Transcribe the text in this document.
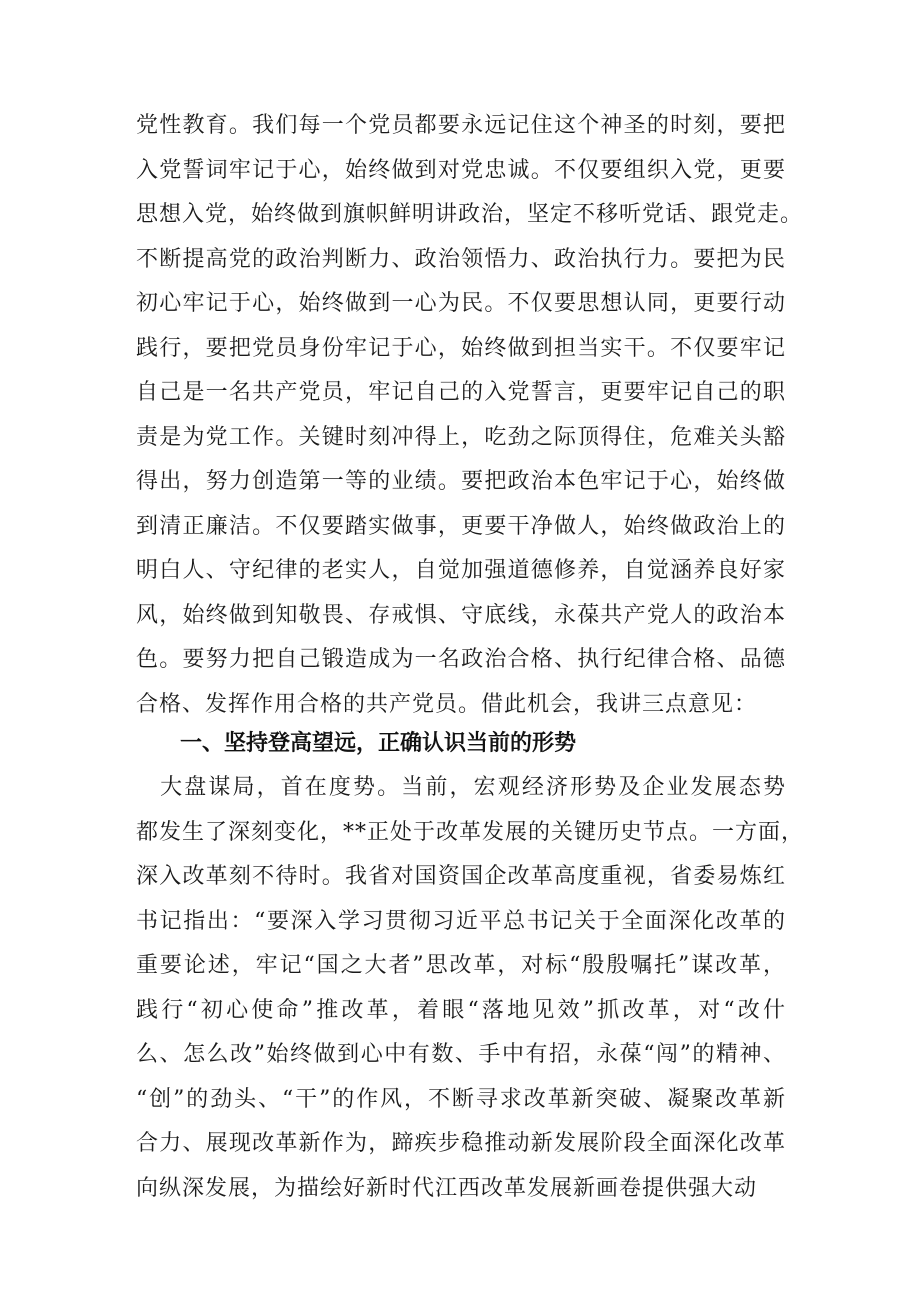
党性教育。我们每一个党员都要永远记住这个神圣的时刻，要把
入党誓词牢记于心，始终做到对党忠诚。不仅要组织入党，更要
思想入党，始终做到旗帜鲜明讲政治，坚定不移听党话、跟党走。
不断提高党的政治判断力、政治领悟力、政治执行力。要把为民
初心牢记于心，始终做到一心为民。不仅要思想认同，更要行动
践行，要把党员身份牢记于心，始终做到担当实干。不仅要牢记
自己是一名共产党员，牢记自己的入党誓言，更要牢记自己的职
责是为党工作。关键时刻冲得上，吃劲之际顶得住，危难关头豁
得出，努力创造第一等的业绩。要把政治本色牢记于心，始终做
到清正廉洁。不仅要踏实做事，更要干净做人，始终做政治上的
明白人、守纪律的老实人，自觉加强道德修养，自觉涵养良好家
风，始终做到知敬畏、存戒惧、守底线，永葆共产党人的政治本
色。要努力把自己锻造成为一名政治合格、执行纪律合格、品德
合格、发挥作用合格的共产党员。借此机会，我讲三点意见：
一、坚持登高望远，正确认识当前的形势
　大盘谋局，首在度势。当前，宏观经济形势及企业发展态势
都发生了深刻变化，**正处于改革发展的关键历史节点。一方面，
深入改革刻不待时。我省对国资国企改革高度重视，省委易炼红
书记指出：“要深入学习贯彻习近平总书记关于全面深化改革的
重要论述，牢记“国之大者”思改革，对标“殷殷嘱托”谋改革，
践行“初心使命”推改革，着眼“落地见效”抓改革，对“改什
么、怎么改”始终做到心中有数、手中有招，永葆“闯”的精神、
“创”的劲头、“干”的作风，不断寻求改革新突破、凝聚改革新
合力、展现改革新作为，蹄疾步稳推动新发展阶段全面深化改革
向纵深发展，为描绘好新时代江西改革发展新画卷提供强大动
